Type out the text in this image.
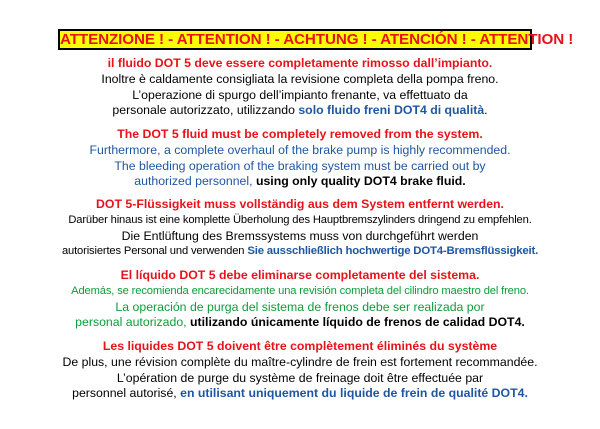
ATTENZIONE ! - ATTENTION ! - ACHTUNG ! - ATENCIÓN ! - ATTENTION !
il fluido DOT 5 deve essere completamente rimosso dall’impianto.
Inoltre è caldamente consigliata la revisione completa della pompa freno.
L’operazione di spurgo dell’impianto frenante, va effettuato da
personale autorizzato, utilizzando solo fluido freni DOT4 di qualità.
The DOT 5 fluid must be completely removed from the system.
Furthermore, a complete overhaul of the brake pump is highly recommended.
The bleeding operation of the braking system must be carried out by
authorized personnel, using only quality DOT4 brake fluid.
DOT 5-Flüssigkeit muss vollständig aus dem System entfernt werden.
Darüber hinaus ist eine komplette Überholung des Hauptbremszylinders dringend zu empfehlen.
Die Entlüftung des Bremssystems muss von durchgeführt werden
autorisiertes Personal und verwenden Sie ausschließlich hochwertige DOT4-Bremsflüssigkeit.
El líquido DOT 5 debe eliminarse completamente del sistema.
Además, se recomienda encarecidamente una revisión completa del cilindro maestro del freno.
La operación de purga del sistema de frenos debe ser realizada por
personal autorizado, utilizando únicamente líquido de frenos de calidad DOT4.
Les liquides DOT 5 doivent être complètement éliminés du système
De plus, une révision complète du maître-cylindre de frein est fortement recommandée.
L’opération de purge du système de freinage doit être effectuée par
personnel autorisé, en utilisant uniquement du liquide de frein de qualité DOT4.
